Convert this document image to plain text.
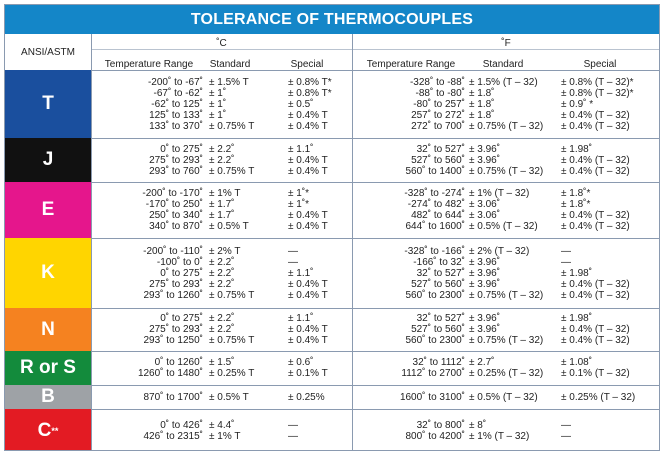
TOLERANCE OF THERMOCOUPLES
ANSI/ASTM
˚C	˚F
Temperature Range	Standard	Special	Temperature Range	Standard	Special
T
-200˚ to -67˚ ± 1.5% T	± 0.8% T*	-328˚ to -88˚ ± 1.5% (T – 32)	± 0.8% (T – 32)*
-67˚ to -62˚ ± 1˚	± 0.8% T*	-88˚ to -80˚ ± 1.8˚	± 0.8% (T – 32)*
-62˚ to 125˚ ± 1˚	± 0.5˚	-80˚ to 257˚ ± 1.8˚	± 0.9˚ *
125˚ to 133˚ ± 1˚	± 0.4% T	257˚ to 272˚ ± 1.8˚	± 0.4% (T – 32)
133˚ to 370˚ ± 0.75% T	± 0.4% T	272˚ to 700˚ ± 0.75% (T – 32)	± 0.4% (T – 32)
J	0˚ to 275˚ ± 2.2˚	± 1.1˚	32˚ to 527˚ ± 3.96˚	± 1.98˚
275˚ to 293˚ ± 2.2˚	± 0.4% T	527˚ to 560˚ ± 3.96˚	± 0.4% (T – 32)
293˚ to 760˚ ± 0.75% T	± 0.4% T	560˚ to 1400˚ ± 0.75% (T – 32)	± 0.4% (T – 32)
E
-200˚ to -170˚ ± 1% T	± 1˚*	-328˚ to -274˚ ± 1% (T – 32)	± 1.8˚*
-170˚ to 250˚ ± 1.7˚	± 1˚*	-274˚ to 482˚ ± 3.06˚	± 1.8˚*
250˚ to 340˚ ± 1.7˚	± 0.4% T	482˚ to 644˚ ± 3.06˚	± 0.4% (T – 32)
340˚ to 870˚ ± 0.5% T	± 0.4% T	644˚ to 1600˚ ± 0.5% (T – 32)	± 0.4% (T – 32)
K
-200˚ to -110˚ ± 2% T	—	-328˚ to -166˚ ± 2% (T – 32)	—
-100˚ to 0˚ ± 2.2˚	—	-166˚ to 32˚ ± 3.96˚	—
0˚ to 275˚ ± 2.2˚	± 1.1˚	32˚ to 527˚ ± 3.96˚	± 1.98˚
275˚ to 293˚ ± 2.2˚	± 0.4% T	527˚ to 560˚ ± 3.96˚	± 0.4% (T – 32)
293˚ to 1260˚ ± 0.75% T	± 0.4% T	560˚ to 2300˚ ± 0.75% (T – 32)	± 0.4% (T – 32)
N	0˚ to 275˚ ± 2.2˚	± 1.1˚	32˚ to 527˚ ± 3.96˚	± 1.98˚
275˚ to 293˚ ± 2.2˚	± 0.4% T	527˚ to 560˚ ± 3.96˚	± 0.4% (T – 32)
293˚ to 1250˚ ± 0.75% T	± 0.4% T	560˚ to 2300˚ ± 0.75% (T – 32)	± 0.4% (T – 32)
R or S	0˚ to 1260˚ ± 1.5˚	± 0.6˚	32˚ to 1112˚ ± 2.7˚	± 1.08˚
1260˚ to 1480˚ ± 0.25% T	± 0.1% T	1112˚ to 2700˚ ± 0.25% (T – 32)	± 0.1% (T – 32)
B	870˚ to 1700˚ ± 0.5% T	± 0.25%	1600˚ to 3100˚ ± 0.5% (T – 32)	± 0.25% (T – 32)
C **	0˚ to 426˚ ± 4.4˚	—	32˚ to 800˚ ± 8˚	—
426˚ to 2315˚ ± 1% T	—	800˚ to 4200˚ ± 1% (T – 32)	—
